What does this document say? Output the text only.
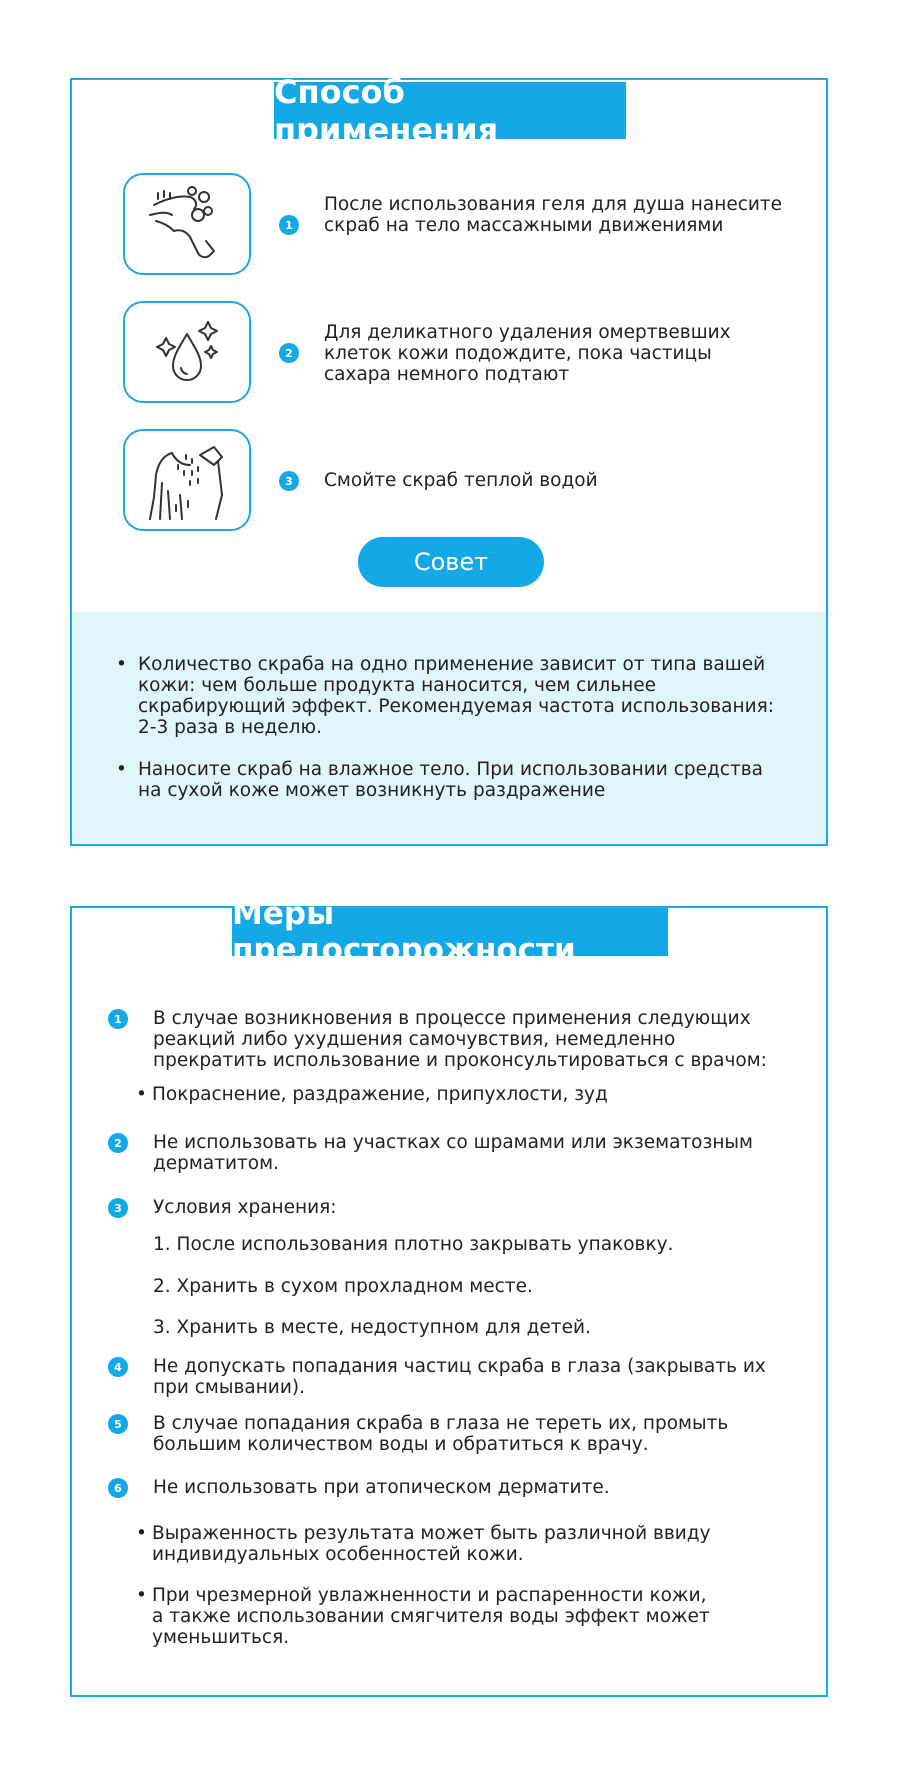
Способ применения
1
После использования геля для душа нанесите скраб на тело массажными движениями
2
Для деликатного удаления омертвевших клеток кожи подождите, пока частицы сахара немного подтают
3	Смойте скраб теплой водой
Совет
• Количество скраба на одно применение зависит от типа вашей кожи: чем больше продукта наносится, чем сильнее скрабирующий эффект. Рекомендуемая частота использования: 2-3 раза в неделю.
• Наносите скраб на влажное тело. При использовании средства на сухой коже может возникнуть раздражение
Меры предосторожности
1	В случае возникновения в процессе применения следующих реакций либо ухудшения самочувствия, немедленно прекратить использование и проконсультироваться с врачом:
• Покраснение, раздражение, припухлости, зуд
2	Не использовать на участках со шрамами или экзематозным дерматитом.
3	Условия хранения:
1. После использования плотно закрывать упаковку.
2. Хранить в сухом прохладном месте.
3. Хранить в месте, недоступном для детей.
4	Не допускать попадания частиц скраба в глаза (закрывать их при смывании).
5	В случае попадания скраба в глаза не тереть их, промыть большим количеством воды и обратиться к врачу.
6	Не использовать при атопическом дерматите.
• Выраженность результата может быть различной ввиду индивидуальных особенностей кожи.
• При чрезмерной увлажненности и распаренности кожи, а также использовании смягчителя воды эффект может уменьшиться.
